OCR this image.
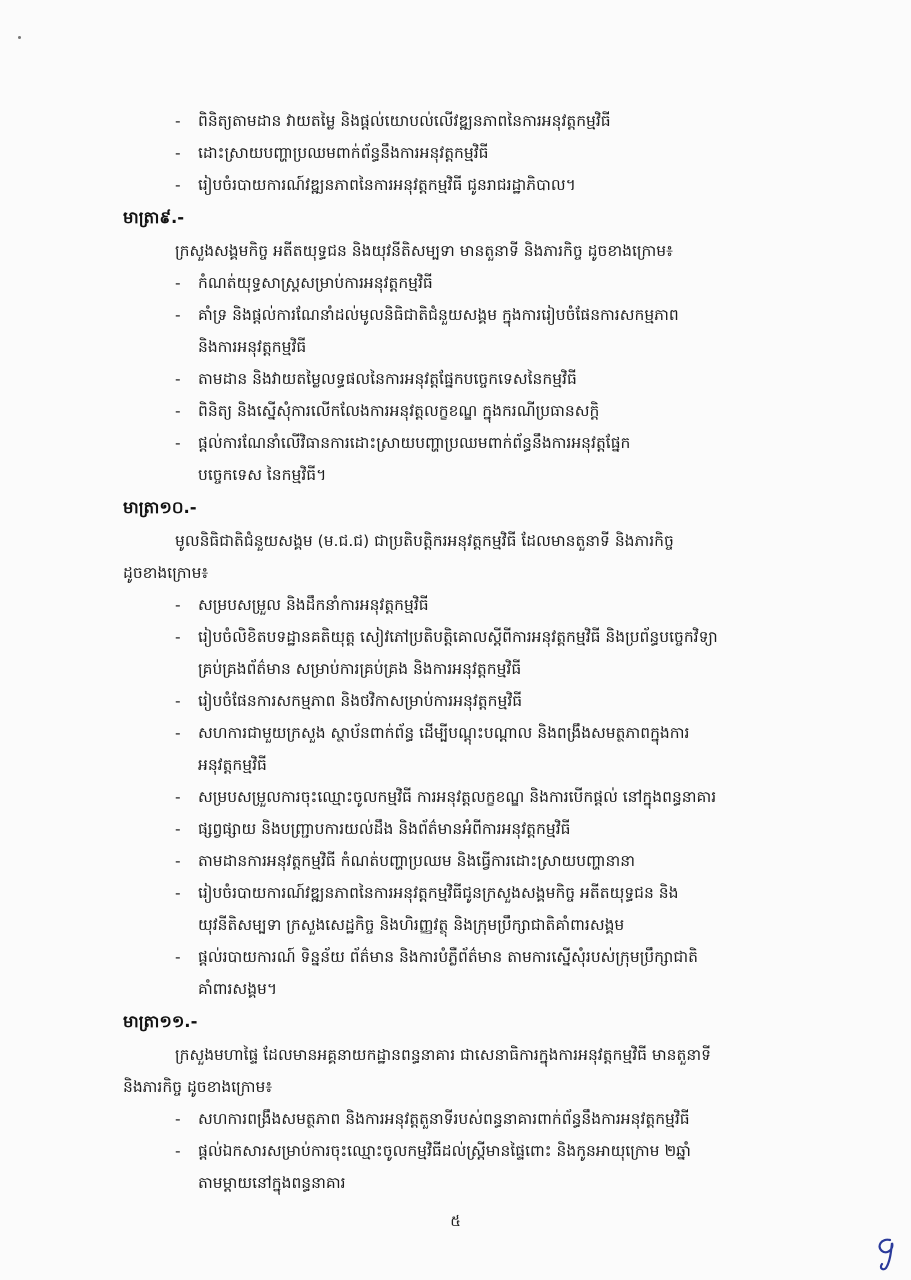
-	ពិនិត្យតាមដាន វាយតម្លៃ និងផ្ដល់យោបល់លើវឌ្ឍនភាពនៃការអនុវត្តកម្មវិធី
-	ដោះស្រាយបញ្ហាប្រឈមពាក់ព័ន្ធនឹងការអនុវត្តកម្មវិធី
-	រៀបចំរបាយការណ៍វឌ្ឍនភាពនៃការអនុវត្តកម្មវិធី ជូនរាជរដ្ឋាភិបាល។
មាត្រា៩.-
ក្រសួងសង្គមកិច្ច អតីតយុទ្ធជន និងយុវនីតិសម្បទា មានតួនាទី និងភារកិច្ច ដូចខាងក្រោម៖
-	កំណត់យុទ្ធសាស្ត្រសម្រាប់ការអនុវត្តកម្មវិធី
-	គាំទ្រ និងផ្ដល់ការណែនាំដល់មូលនិធិជាតិជំនួយសង្គម ក្នុងការរៀបចំផែនការសកម្មភាព
និងការអនុវត្តកម្មវិធី
-	តាមដាន និងវាយតម្លៃលទ្ធផលនៃការអនុវត្តផ្នែកបច្ចេកទេសនៃកម្មវិធី
-	ពិនិត្យ និងស្នើសុំការលើកលែងការអនុវត្តលក្ខខណ្ឌ ក្នុងករណីប្រធានសក្តិ
-	ផ្តល់ការណែនាំលើវិធានការដោះស្រាយបញ្ហាប្រឈមពាក់ព័ន្ធនឹងការអនុវត្តផ្នែក
បច្ចេកទេស នៃកម្មវិធី។
មាត្រា១០.-
មូលនិធិជាតិជំនួយសង្គម (ម.ជ.ជ) ជាប្រតិបត្តិករអនុវត្តកម្មវិធី ដែលមានតួនាទី និងភារកិច្ច
ដូចខាងក្រោម៖
-	សម្របសម្រួល និងដឹកនាំការអនុវត្តកម្មវិធី
-	រៀបចំលិខិតបទដ្ឋានគតិយុត្ត សៀវភៅប្រតិបត្តិគោលស្តីពីការអនុវត្តកម្មវិធី និងប្រព័ន្ធបច្ចេកវិទ្យា
គ្រប់គ្រងព័ត៌មាន សម្រាប់ការគ្រប់គ្រង និងការអនុវត្តកម្មវិធី
-	រៀបចំផែនការសកម្មភាព និងថវិកាសម្រាប់ការអនុវត្តកម្មវិធី
-	សហការជាមួយក្រសួង ស្ថាប័នពាក់ព័ន្ធ ដើម្បីបណ្តុះបណ្តាល និងពង្រឹងសមត្ថភាពក្នុងការ
អនុវត្តកម្មវិធី
-	សម្របសម្រួលការចុះឈ្មោះចូលកម្មវិធី ការអនុវត្តលក្ខខណ្ឌ និងការបើកផ្តល់ នៅក្នុងពន្ធនាគារ
-	ផ្សព្វផ្សាយ និងបញ្ជ្រាបការយល់ដឹង និងព័ត៌មានអំពីការអនុវត្តកម្មវិធី
-	តាមដានការអនុវត្តកម្មវិធី កំណត់បញ្ហាប្រឈម និងធ្វើការដោះស្រាយបញ្ហានានា
-	រៀបចំរបាយការណ៍វឌ្ឍនភាពនៃការអនុវត្តកម្មវិធីជូនក្រសួងសង្គមកិច្ច អតីតយុទ្ធជន និង
យុវនីតិសម្បទា ក្រសួងសេដ្ឋកិច្ច និងហិរញ្ញវត្ថុ និងក្រុមប្រឹក្សាជាតិគាំពារសង្គម
-	ផ្តល់របាយការណ៍ ទិន្នន័យ ព័ត៌មាន និងការបំភ្លឺព័ត៌មាន តាមការស្នើសុំរបស់ក្រុមប្រឹក្សាជាតិ
គាំពារសង្គម។
មាត្រា១១.-
ក្រសួងមហាផ្ទៃ ដែលមានអគ្គនាយកដ្ឋានពន្ធនាគារ ជាសេនាធិការក្នុងការអនុវត្តកម្មវិធី មានតួនាទី
និងភារកិច្ច ដូចខាងក្រោម៖
-	សហការពង្រឹងសមត្ថភាព និងការអនុវត្តតួនាទីរបស់ពន្ធនាគារពាក់ព័ន្ធនឹងការអនុវត្តកម្មវិធី
-	ផ្តល់ឯកសារសម្រាប់ការចុះឈ្មោះចូលកម្មវិធីដល់ស្ត្រីមានផ្ទៃពោះ និងកូនអាយុក្រោម ២ឆ្នាំ
តាមម្តាយនៅក្នុងពន្ធនាគារ
៥
